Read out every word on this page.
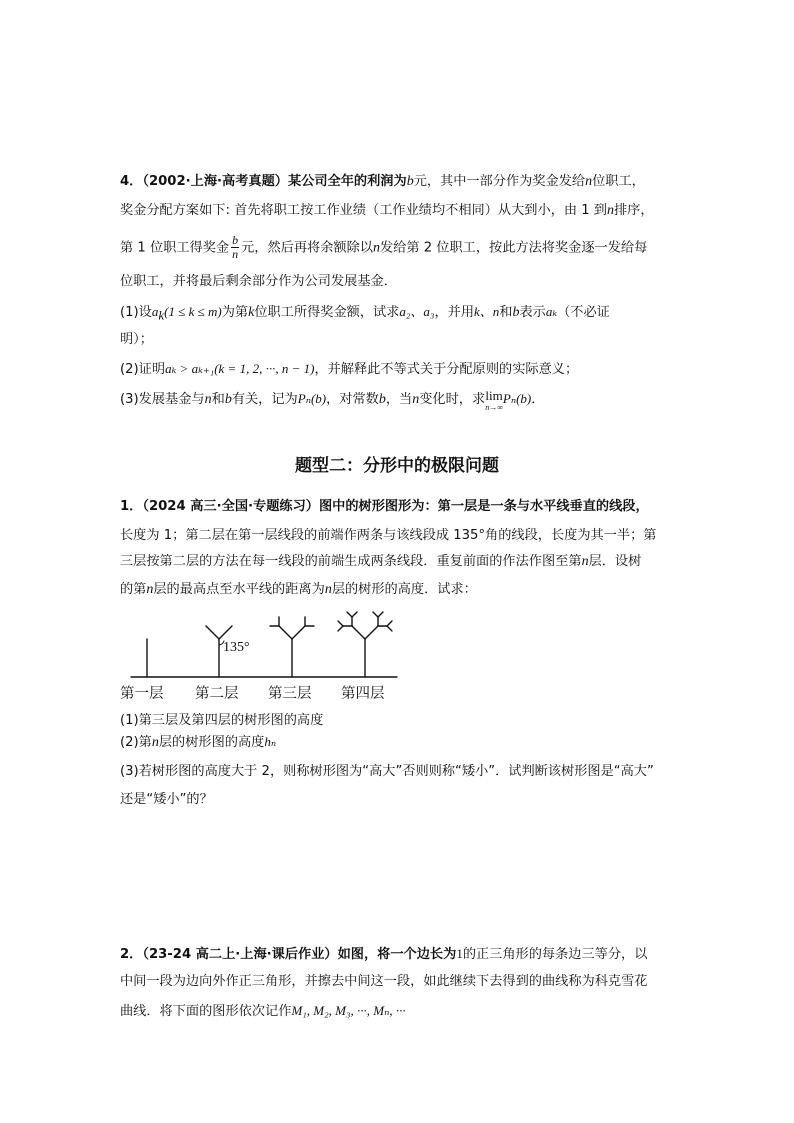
4．（2002·上海·高考真题）某公司全年的利润为b元，其中一部分作为奖金发给n位职工，
奖金分配方案如下: 首先将职工按工作业绩（工作业绩均不相同）从大到小，由 1 到n排序，
第 1 位职工得奖金 $\frac{b}{n}$ 元，然后再将余额除以n发给第 2 位职工，按此方法将奖金逐一发给每
位职工，并将最后剩余部分作为公司发展基金．
(1)设$a_k(1 \le k \le m)$为第k位职工所得奖金额，试求a₂、a₃，并用k、n和b表示aₖ（不必证
明）；
(2)证明aₖ > aₖ₊₁(k = 1, 2, ···, n − 1)，并解释此不等式关于分配原则的实际意义；
(3)发展基金与n和b有关，记为Pₙ(b)，对常数b，当n变化时，求 lim
n→∞
Pₙ(b)．
题型二：分形中的极限问题
1．（2024 高三·全国·专题练习）图中的树形图形为：第一层是一条与水平线垂直的线段，
长度为 1；第二层在第一层线段的前端作两条与该线段成 135°角的线段，长度为其一半；第
三层按第二层的方法在每一线段的前端生成两条线段．重复前面的作法作图至第n层．设树
的第n层的最高点至水平线的距离为n层的树形的高度．试求：
135°
第一层 第二层 第三层 第四层
(1)第三层及第四层的树形图的高度
(2)第n层的树形图的高度hₙ
(3)若树形图的高度大于 2，则称树形图为“高大”否则则称“矮小”．试判断该树形图是“高大”
还是“矮小”的？
2．（23-24 高二上·上海·课后作业）如图，将一个边长为1的正三角形的每条边三等分，以
中间一段为边向外作正三角形，并擦去中间这一段，如此继续下去得到的曲线称为科克雪花
曲线．将下面的图形依次记作M₁, M₂, M₃, ···, Mₙ, ···
